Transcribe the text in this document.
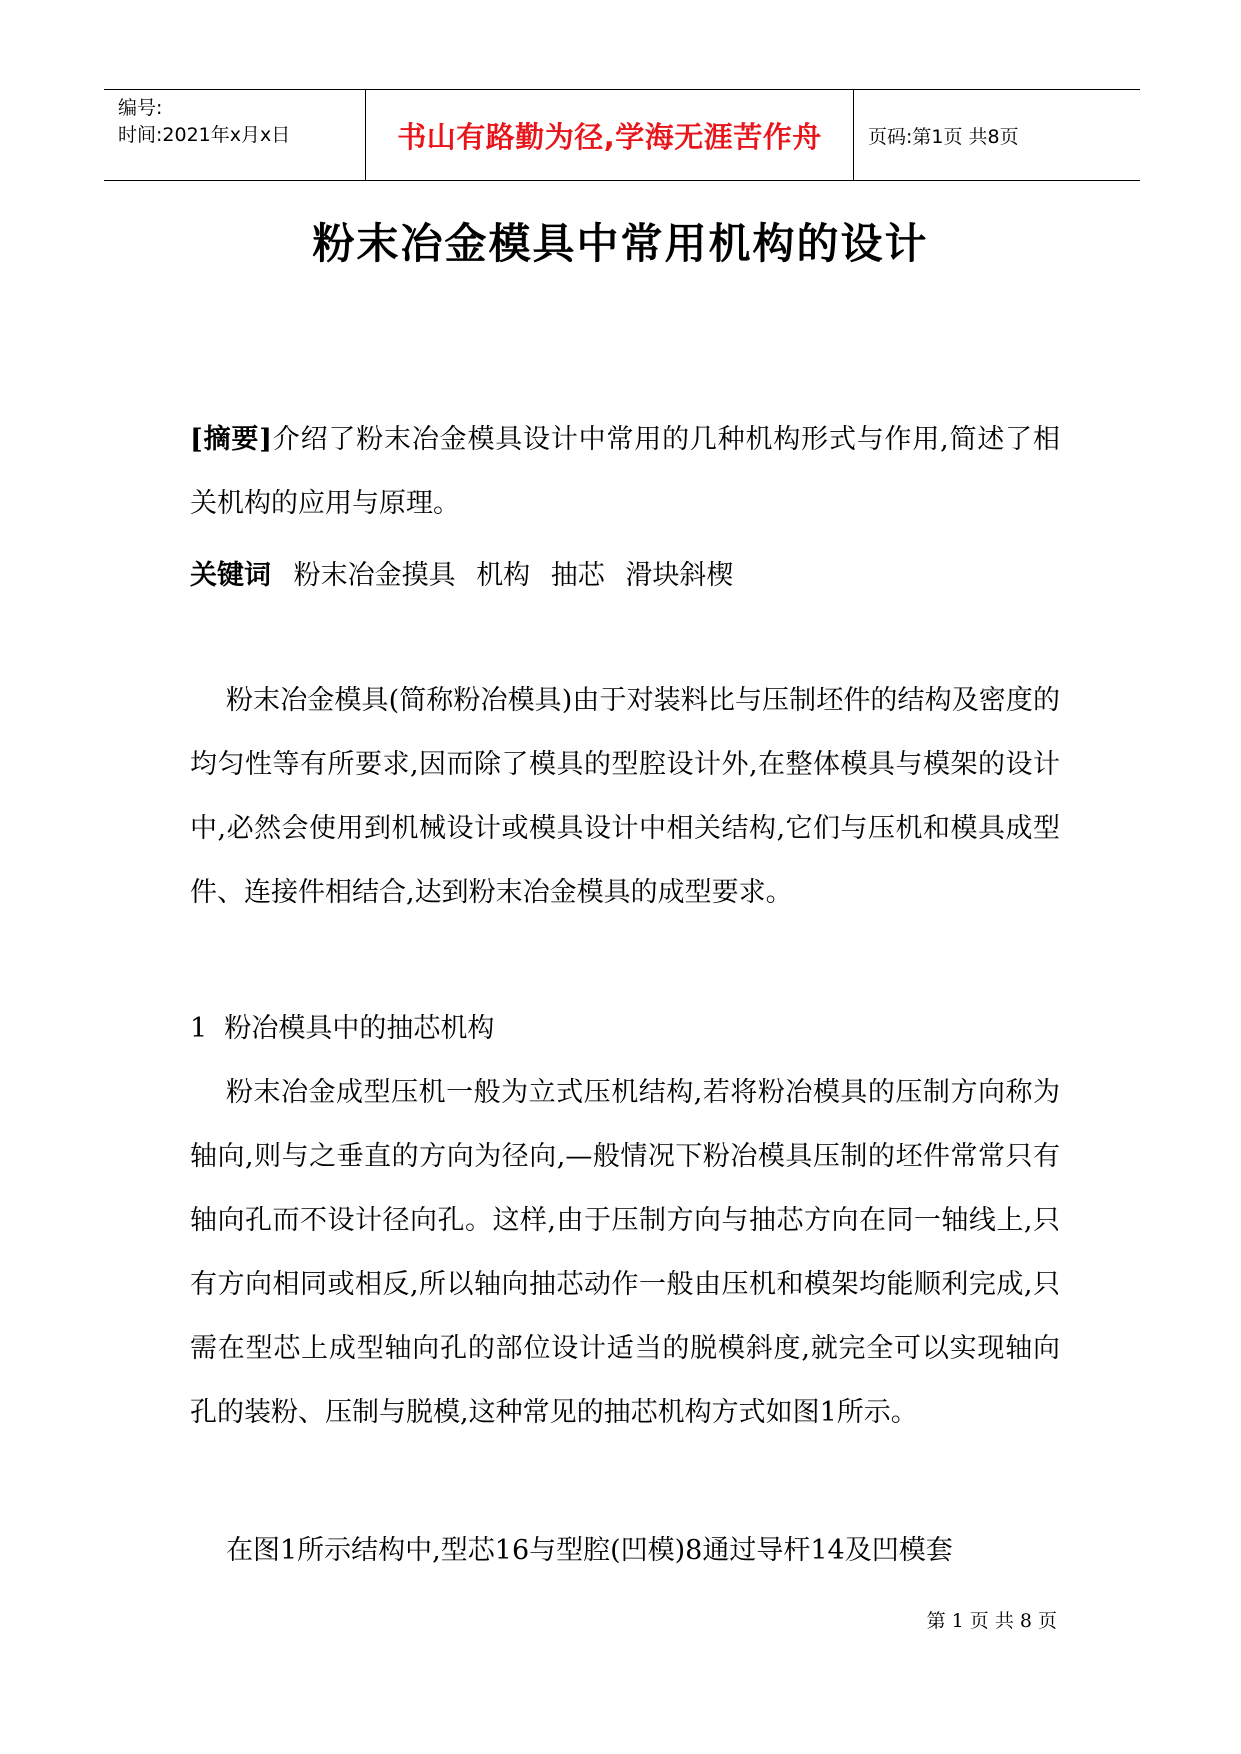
编号:
时间:2021年x月x日	书山有路勤为径,学海无涯苦作舟 页码:第1页 共8页
粉末冶金模具中常用机构的设计
[摘要]介绍了粉末冶金模具设计中常用的几种机构形式与作用,简述了相关机构的应用与原理。
关键词 粉末冶金摸具 机构 抽芯 滑块斜楔
粉末冶金模具(简称粉冶模具)由于对装料比与压制坯件的结构及密度的均匀性等有所要求,因而除了模具的型腔设计外,在整体模具与模架的设计中,必然会使用到机械设计或模具设计中相关结构,它们与压机和模具成型件、连接件相结合,达到粉末冶金模具的成型要求。
1  粉冶模具中的抽芯机构
粉末冶金成型压机一般为立式压机结构,若将粉冶模具的压制方向称为轴向,则与之垂直的方向为径向,—般情况下粉冶模具压制的坯件常常只有轴向孔而不设计径向孔。这样,由于压制方向与抽芯方向在同一轴线上,只有方向相同或相反,所以轴向抽芯动作一般由压机和模架均能顺利完成,只需在型芯上成型轴向孔的部位设计适当的脱模斜度,就完全可以实现轴向孔的装粉、压制与脱模,这种常见的抽芯机构方式如图1所示。
在图1所示结构中,型芯16与型腔(凹模)8通过导杆14及凹模套
第 1 页 共 8 页
